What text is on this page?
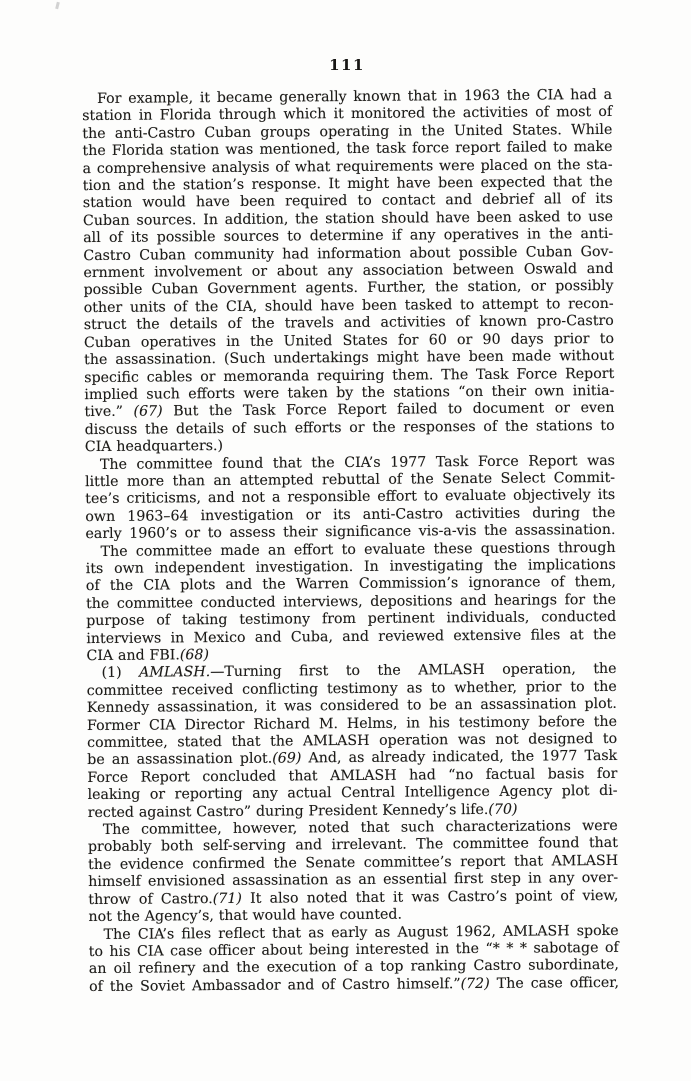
111

For example, it became generally known that in 1963 the CIA had a
station in Florida through which it monitored the activities of most of
the anti-Castro Cuban groups operating in the United States. While
the Florida station was mentioned, the task force report failed to make
a comprehensive analysis of what requirements were placed on the sta-
tion and the station’s response. It might have been expected that the
station would have been required to contact and debrief all of its
Cuban sources. In addition, the station should have been asked to use
all of its possible sources to determine if any operatives in the anti-
Castro Cuban community had information about possible Cuban Gov-
ernment involvement or about any association between Oswald and
possible Cuban Government agents. Further, the station, or possibly
other units of the CIA, should have been tasked to attempt to recon-
struct the details of the travels and activities of known pro-Castro
Cuban operatives in the United States for 60 or 90 days prior to
the assassination. (Such undertakings might have been made without
specific cables or memoranda requiring them. The Task Force Report
implied such efforts were taken by the stations “on their own initia-
tive.” (67) But the Task Force Report failed to document or even
discuss the details of such efforts or the responses of the stations to
CIA headquarters.)

The committee found that the CIA’s 1977 Task Force Report was
little more than an attempted rebuttal of the Senate Select Commit-
tee’s criticisms, and not a responsible effort to evaluate objectively its
own 1963–64 investigation or its anti-Castro activities during the
early 1960’s or to assess their significance vis-a-vis the assassination.

The committee made an effort to evaluate these questions through
its own independent investigation. In investigating the implications
of the CIA plots and the Warren Commission’s ignorance of them,
the committee conducted interviews, depositions and hearings for the
purpose of taking testimony from pertinent individuals, conducted
interviews in Mexico and Cuba, and reviewed extensive files at the
CIA and FBI.(68)

(1) AMLASH.—Turning first to the AMLASH operation, the
committee received conflicting testimony as to whether, prior to the
Kennedy assassination, it was considered to be an assassination plot.
Former CIA Director Richard M. Helms, in his testimony before the
committee, stated that the AMLASH operation was not designed to
be an assassination plot.(69) And, as already indicated, the 1977 Task
Force Report concluded that AMLASH had “no factual basis for
leaking or reporting any actual Central Intelligence Agency plot di-
rected against Castro” during President Kennedy’s life.(70)

The committee, however, noted that such characterizations were
probably both self-serving and irrelevant. The committee found that
the evidence confirmed the Senate committee’s report that AMLASH
himself envisioned assassination as an essential first step in any over-
throw of Castro.(71) It also noted that it was Castro’s point of view,
not the Agency’s, that would have counted.

The CIA’s files reflect that as early as August 1962, AMLASH spoke
to his CIA case officer about being interested in the “* * * sabotage of
an oil refinery and the execution of a top ranking Castro subordinate,
of the Soviet Ambassador and of Castro himself.”(72) The case officer,
